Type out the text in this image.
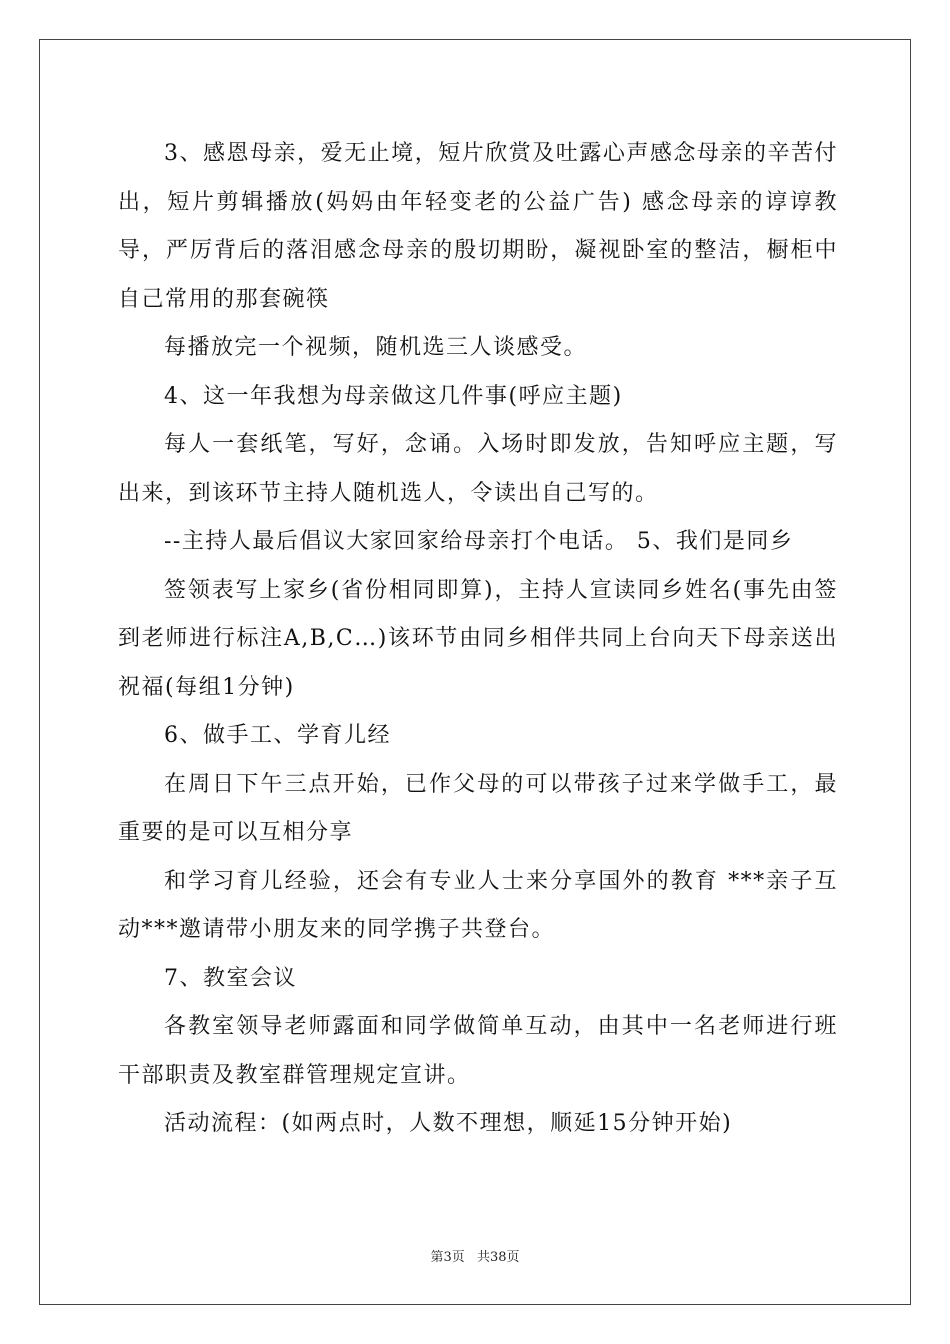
3、感恩母亲，爱无止境，短片欣赏及吐露心声感念母亲的辛苦付出，短片剪辑播放(妈妈由年轻变老的公益广告) 感念母亲的谆谆教导，严厉背后的落泪感念母亲的殷切期盼，凝视卧室的整洁，橱柜中自己常用的那套碗筷

每播放完一个视频，随机选三人谈感受。

4、这一年我想为母亲做这几件事(呼应主题)

每人一套纸笔，写好，念诵。入场时即发放，告知呼应主题，写出来，到该环节主持人随机选人，令读出自己写的。

--主持人最后倡议大家回家给母亲打个电话。 5、我们是同乡

签领表写上家乡(省份相同即算)，主持人宣读同乡姓名(事先由签到老师进行标注A,B,C…)该环节由同乡相伴共同上台向天下母亲送出祝福(每组1分钟)

6、做手工、学育儿经

在周日下午三点开始，已作父母的可以带孩子过来学做手工，最重要的是可以互相分享

和学习育儿经验，还会有专业人士来分享国外的教育 ***亲子互动***邀请带小朋友来的同学携子共登台。

7、教室会议

各教室领导老师露面和同学做简单互动，由其中一名老师进行班干部职责及教室群管理规定宣讲。

活动流程：(如两点时，人数不理想，顺延15分钟开始)

第3页 共38页
